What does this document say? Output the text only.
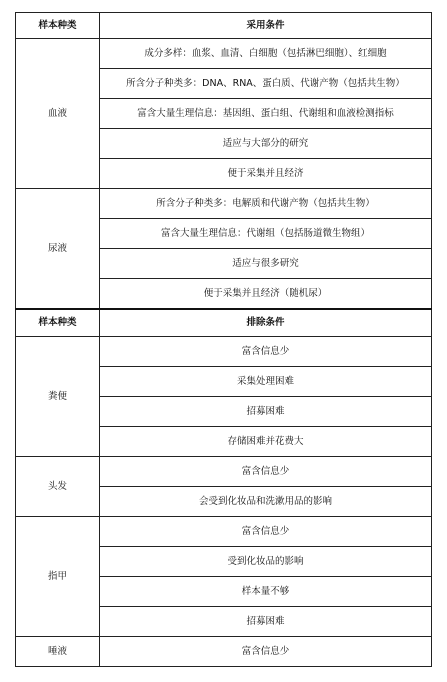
样本种类	采用条件
血液	成分多样：血浆、血清、白细胞（包括淋巴细胞）、红细胞
	所含分子种类多：DNA、RNA、蛋白质、代谢产物（包括共生物）
	富含大量生理信息：基因组、蛋白组、代谢组和血液检测指标
	适应与大部分的研究
	便于采集并且经济
尿液	所含分子种类多：电解质和代谢产物（包括共生物）
	富含大量生理信息：代谢组（包括肠道微生物组）
	适应与很多研究
	便于采集并且经济（随机尿）
样本种类	排除条件
粪便	富含信息少
	采集处理困难
	招募困难
	存储困难并花费大
头发	富含信息少
	会受到化妆品和洗漱用品的影响
指甲	富含信息少
	受到化妆品的影响
	样本量不够
	招募困难
唾液	富含信息少
